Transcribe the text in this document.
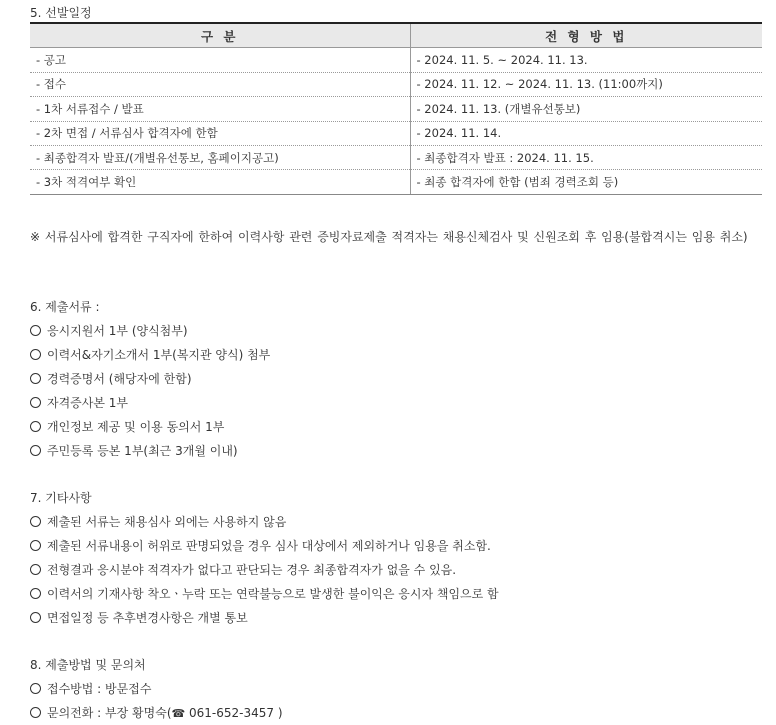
5. 선발일정
구 분	전 형 방 법
- 공고	- 2024. 11. 5. ~ 2024. 11. 13.
- 접수	- 2024. 11. 12. ~ 2024. 11. 13. (11:00까지)
- 1차 서류접수 / 발표	- 2024. 11. 13. (개별유선통보)
- 2차 면접 / 서류심사 합격자에 한함	- 2024. 11. 14.
- 최종합격자 발표/(개별유선통보, 홈페이지공고)	- 최종합격자 발표 : 2024. 11. 15.
- 3차 적격여부 확인	- 최종 합격자에 한함 (범죄 경력조회 등)
※ 서류심사에 합격한 구직자에 한하여 이력사항 관련 증빙자료제출 적격자는 채용신체검사 및 신원조회 후 임용(불합격시는 임용 취소)
6. 제출서류 :
응시지원서 1부 (양식첨부)
이력서&자기소개서 1부(복지관 양식) 첨부
경력증명서 (해당자에 한함)
자격증사본 1부
개인정보 제공 및 이용 동의서 1부
주민등록 등본 1부(최근 3개월 이내)
7. 기타사항
제출된 서류는 채용심사 외에는 사용하지 않음
제출된 서류내용이 허위로 판명되었을 경우 심사 대상에서 제외하거나 임용을 취소함.
전형결과 응시분야 적격자가 없다고 판단되는 경우 최종합격자가 없을 수 있음.
이력서의 기재사항 착오ㆍ누락 또는 연락불능으로 발생한 불이익은 응시자 책임으로 함
면접일정 등 추후변경사항은 개별 통보
8. 제출방법 및 문의처
접수방법 : 방문접수
문의전화 : 부장 황명숙(☎ 061-652-3457 )
